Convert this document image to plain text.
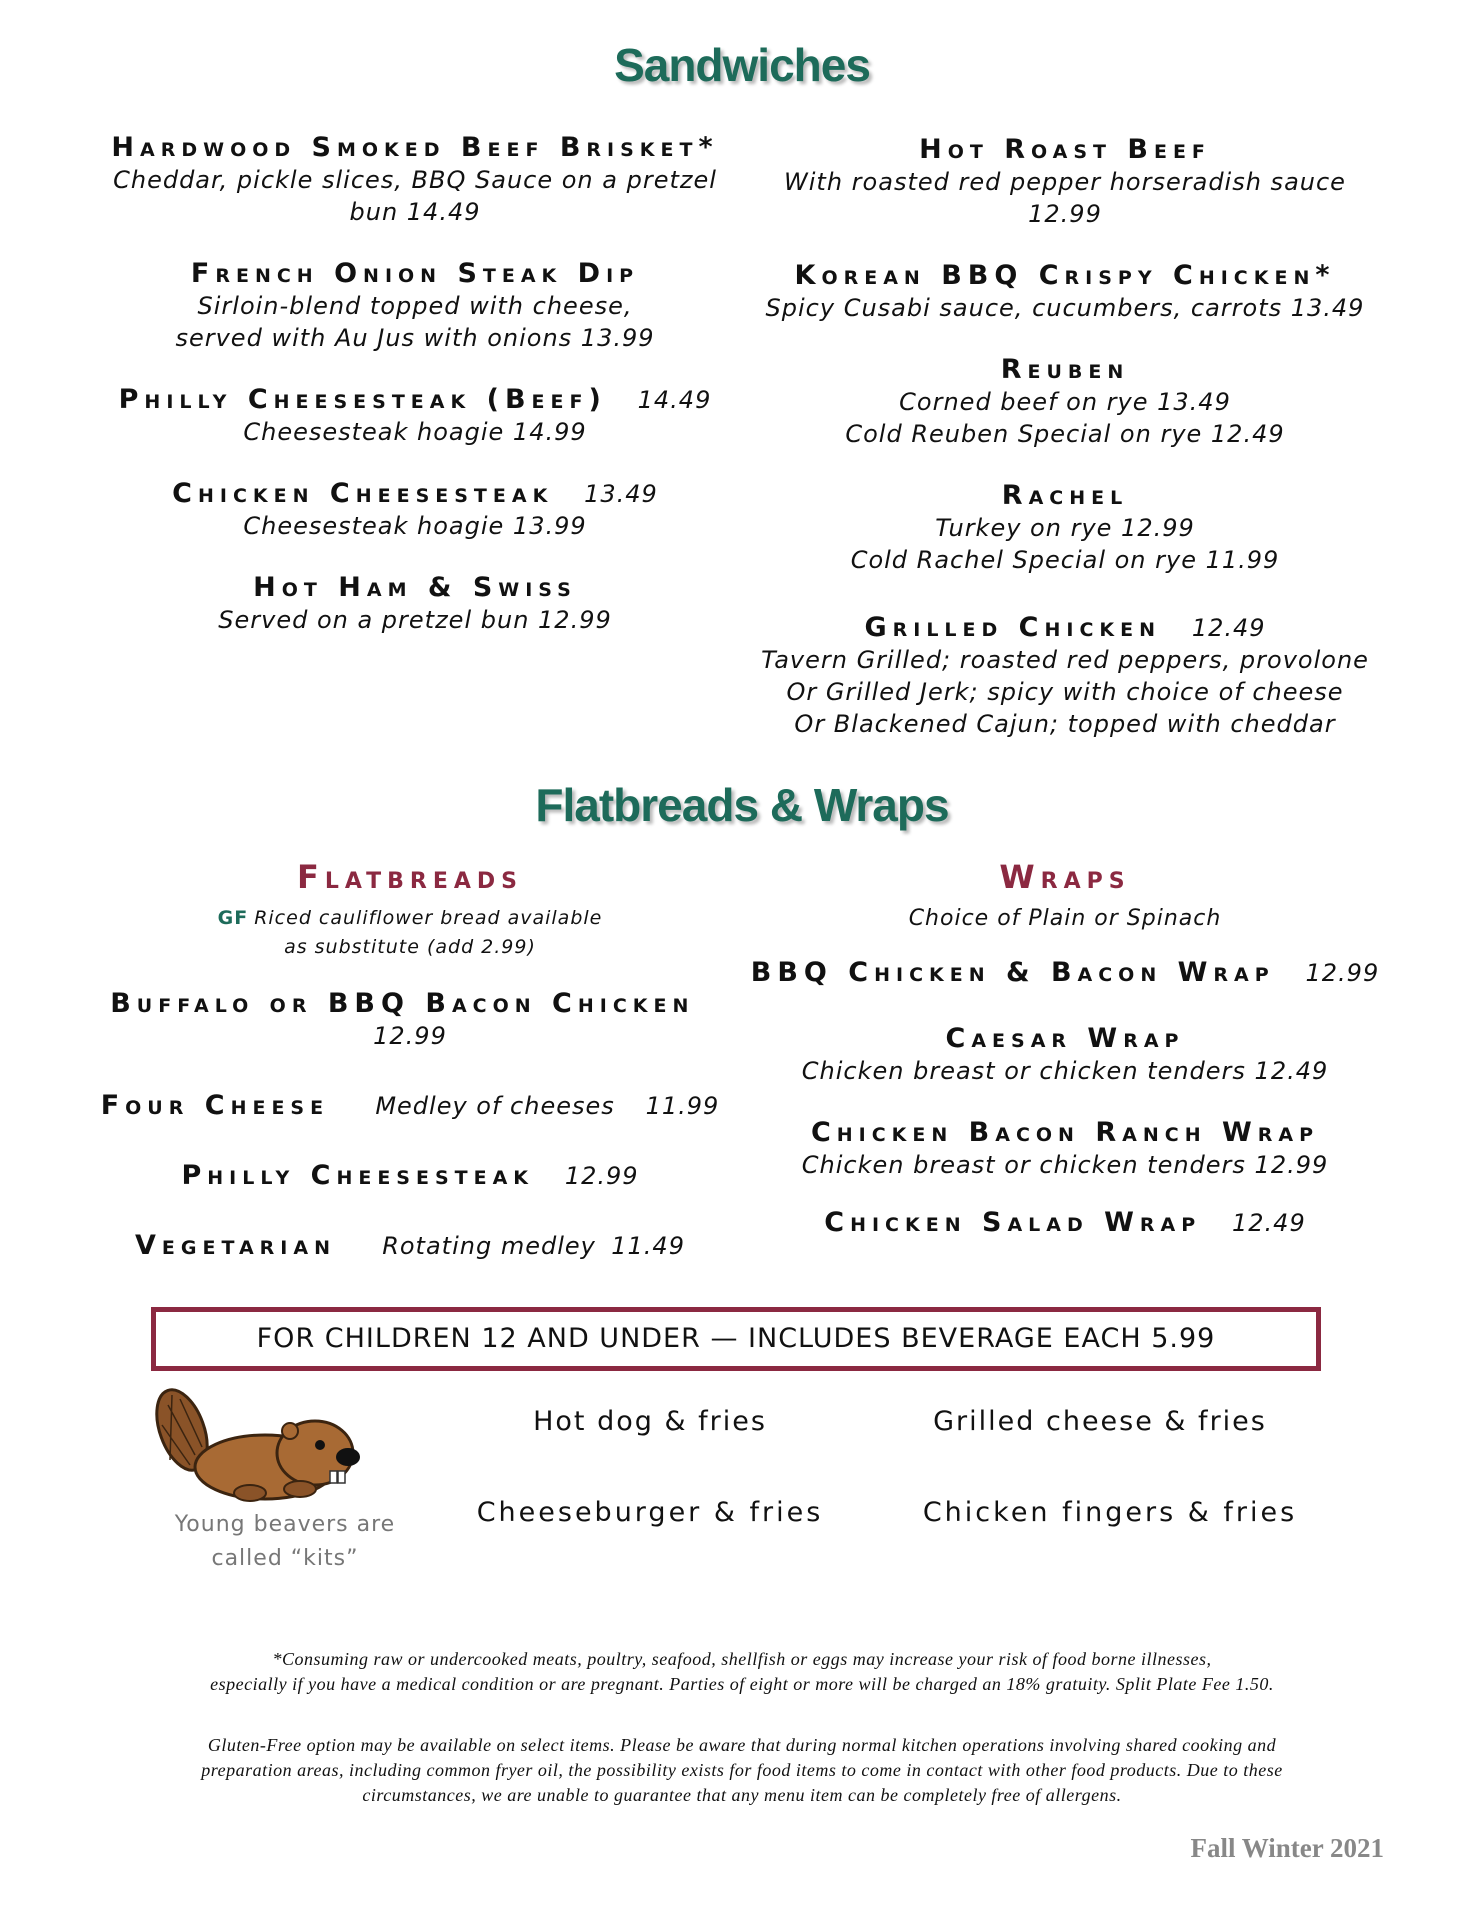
Sandwiches
Hardwood Smoked Beef Brisket*
Cheddar, pickle slices, BBQ Sauce on a pretzel
bun 14.49
French Onion Steak Dip
Sirloin-blend topped with cheese,
served with Au Jus with onions 13.99
Philly Cheesesteak (Beef) 14.49
Cheesesteak hoagie 14.99
Chicken Cheesesteak 13.49
Cheesesteak hoagie 13.99
Hot Ham & Swiss
Served on a pretzel bun 12.99
Hot Roast Beef
With roasted red pepper horseradish sauce 12.99
Korean BBQ Crispy Chicken*
Spicy Cusabi sauce, cucumbers, carrots 13.49
Reuben
Corned beef on rye 13.49
Cold Reuben Special on rye 12.49
Rachel
Turkey on rye 12.99
Cold Rachel Special on rye 11.99
Grilled Chicken 12.49
Tavern Grilled; roasted red peppers, provolone
Or Grilled Jerk; spicy with choice of cheese
Or Blackened Cajun; topped with cheddar
Flatbreads & Wraps
Flatbreads
GF Riced cauliflower bread available
as substitute (add 2.99)
Buffalo or BBQ Bacon Chicken  12.99
Four Cheese Medley of cheeses 11.99
Philly Cheesesteak 12.99
Vegetarian Rotating medley 11.49
Wraps
Choice of Plain or Spinach
BBQ Chicken & Bacon Wrap 12.99
Caesar Wrap
Chicken breast or chicken tenders 12.49
Chicken Bacon Ranch Wrap
Chicken breast or chicken tenders 12.99
Chicken Salad Wrap 12.49
FOR CHILDREN 12 AND UNDER — INCLUDES BEVERAGE EACH 5.99
Young beavers are
called “kits”
Hot dog & fries	Grilled cheese & fries
Cheeseburger & fries	Chicken fingers & fries
*Consuming raw or undercooked meats, poultry, seafood, shellfish or eggs may increase your risk of food borne illnesses,
especially if you have a medical condition or are pregnant. Parties of eight or more will be charged an 18% gratuity. Split Plate Fee 1.50.
Gluten-Free option may be available on select items. Please be aware that during normal kitchen operations involving shared cooking and
preparation areas, including common fryer oil, the possibility exists for food items to come in contact with other food products. Due to these
circumstances, we are unable to guarantee that any menu item can be completely free of allergens.
Fall Winter 2021
